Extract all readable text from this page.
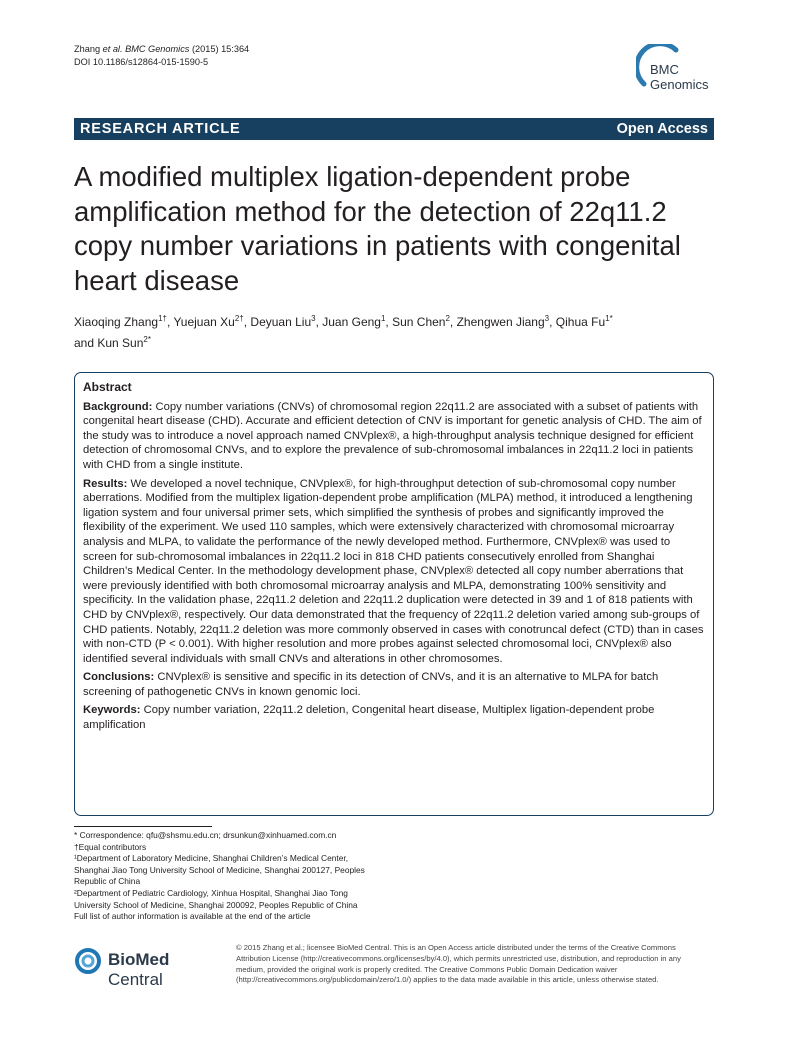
Zhang et al. BMC Genomics (2015) 15:364
DOI 10.1186/s12864-015-1590-5	BMC
Genomics
RESEARCH ARTICLE	Open Access
A modified multiplex ligation-dependent probe amplification method for the detection of 22q11.2 copy number variations in patients with congenital heart disease
Xiaoqing Zhang$^{1\dagger}$, Yuejuan $Xu^{2\dagger}$, Deyuan Liu$^3$, Juan Geng$^1$, Sun Chen$^2$, Zhengwen Jiang$^3$, Qihua $Fu^{1*}$
and Kun Sun$^{2*}$
Abstract
Background: Copy number variations (CNVs) of chromosomal region 22q11.2 are associated with a subset of patients with congenital heart disease (CHD). Accurate and efficient detection of CNV is important for genetic analysis of CHD. The aim of the study was to introduce a novel approach named CNVplex®, a high-throughput analysis technique designed for efficient detection of chromosomal CNVs, and to explore the prevalence of sub-chromosomal imbalances in 22q11.2 loci in patients with CHD from a single institute.
Results: We developed a novel technique, CNVplex®, for high-throughput detection of sub-chromosomal copy number aberrations. Modified from the multiplex ligation-dependent probe amplification (MLPA) method, it introduced a lengthening ligation system and four universal primer sets, which simplified the synthesis of probes and significantly improved the flexibility of the experiment. We used 110 samples, which were extensively characterized with chromosomal microarray analysis and MLPA, to validate the performance of the newly developed method. Furthermore, CNVplex® was used to screen for sub-chromosomal imbalances in 22q11.2 loci in 818 CHD patients consecutively enrolled from Shanghai Children’s Medical Center. In the methodology development phase, CNVplex® detected all copy number aberrations that were previously identified with both chromosomal microarray analysis and MLPA, demonstrating 100% sensitivity and specificity. In the validation phase, 22q11.2 deletion and 22q11.2 duplication were detected in 39 and 1 of 818 patients with CHD by CNVplex®, respectively. Our data demonstrated that the frequency of 22q11.2 deletion varied among sub-groups of CHD patients. Notably, 22q11.2 deletion was more commonly observed in cases with conotruncal defect (CTD) than in cases with non-CTD (P < 0.001). With higher resolution and more probes against selected chromosomal loci, CNVplex® also identified several individuals with small CNVs and alterations in other chromosomes.
Conclusions: CNVplex® is sensitive and specific in its detection of CNVs, and it is an alternative to MLPA for batch screening of pathogenetic CNVs in known genomic loci.
Keywords: Copy number variation, 22q11.2 deletion, Congenital heart disease, Multiplex ligation-dependent probe amplification
* Correspondence: qfu@shsmu.edu.cn; drsunkun@xinhuamed.com.cn
†Equal contributors
¹Department of Laboratory Medicine, Shanghai Children’s Medical Center,
Shanghai Jiao Tong University School of Medicine, Shanghai 200127, Peoples
Republic of China
²Department of Pediatric Cardiology, Xinhua Hospital, Shanghai Jiao Tong
University School of Medicine, Shanghai 200092, Peoples Republic of China
Full list of author information is available at the end of the article
BioMed Central
© 2015 Zhang et al.; licensee BioMed Central. This is an Open Access article distributed under the terms of the Creative Commons Attribution License (http://creativecommons.org/licenses/by/4.0), which permits unrestricted use, distribution, and reproduction in any medium, provided the original work is properly credited. The Creative Commons Public Domain Dedication waiver (http://creativecommons.org/publicdomain/zero/1.0/) applies to the data made available in this article, unless otherwise stated.
